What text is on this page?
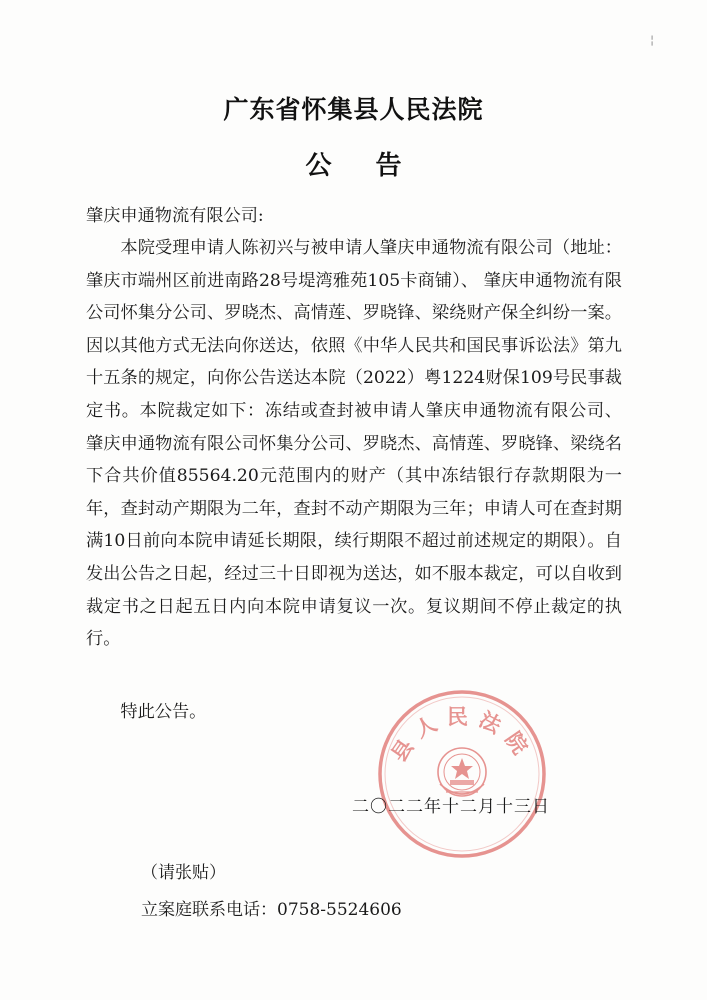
╎
广东省怀集县人民法院
公告
肇庆申通物流有限公司:
本院受理申请人陈初兴与被申请人肇庆申通物流有限公司（地址：肇庆市端州区前进南路28号堤湾雅苑105卡商铺）、 肇庆申通物流有限公司怀集分公司、罗晓杰、高情莲、罗晓锋、梁绕财产保全纠纷一案。因以其他方式无法向你送达，依照《中华人民共和国民事诉讼法》第九十五条的规定，向你公告送达本院（2022）粤1224财保109号民事裁定书。本院裁定如下：冻结或查封被申请人肇庆申通物流有限公司、 肇庆申通物流有限公司怀集分公司、罗晓杰、高情莲、罗晓锋、梁绕名下合共价值85564.20元范围内的财产（其中冻结银行存款期限为一年，查封动产期限为二年，查封不动产期限为三年；申请人可在查封期满10日前向本院申请延长期限，续行期限不超过前述规定的期限）。自发出公告之日起，经过三十日即视为送达，如不服本裁定，可以自收到裁定书之日起五日内向本院申请复议一次。复议期间不停止裁定的执行。
特此公告。
县人民法院
二〇二二年十二月十三日
（请张贴）
立案庭联系电话：0758-5524606
